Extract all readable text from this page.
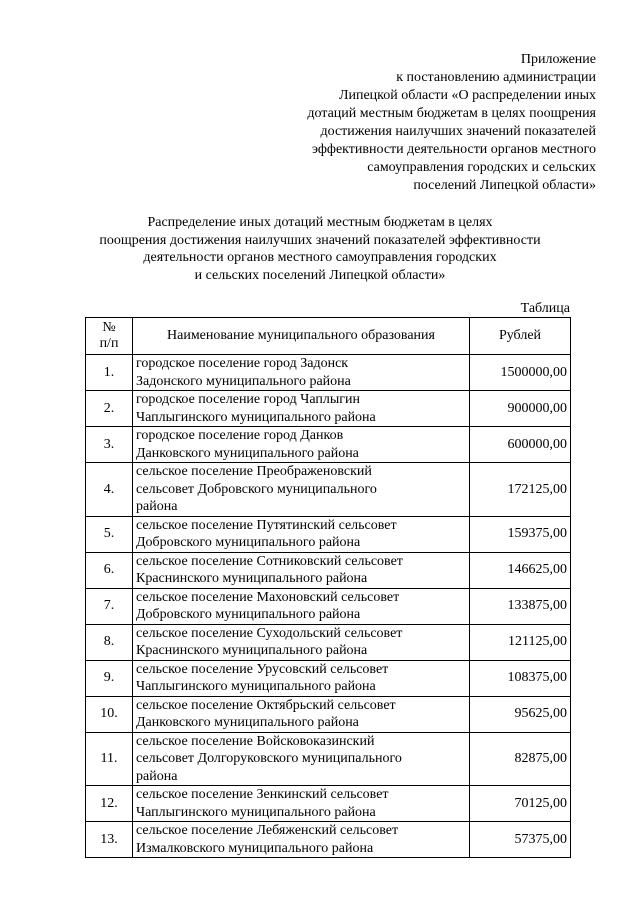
Приложение
к постановлению администрации
Липецкой области «О распределении иных
дотаций местным бюджетам в целях поощрения
достижения наилучших значений показателей
эффективности деятельности органов местного
самоуправления городских и сельских
поселений Липецкой области»
Распределение иных дотаций местным бюджетам в целях
поощрения достижения наилучших значений показателей эффективности
деятельности органов местного самоуправления городских
и сельских поселений Липецкой области»
Таблица
№
п/п	Наименование муниципального образования	Рублей
1.	городское поселение город Задонск
Задонского муниципального района	1500000,00
2.	городское поселение город Чаплыгин
Чаплыгинского муниципального района	900000,00
3.	городское поселение город Данков
Данковского муниципального района	600000,00
4.	сельское поселение Преображеновский
сельсовет Добровского муниципального
района	172125,00
5.	сельское поселение Путятинский сельсовет
Добровского муниципального района	159375,00
6.	сельское поселение Сотниковский сельсовет
Краснинского муниципального района	146625,00
7.	сельское поселение Махоновский сельсовет
Добровского муниципального района	133875,00
8.	сельское поселение Суходольский сельсовет
Краснинского муниципального района	121125,00
9.	сельское поселение Урусовский сельсовет
Чаплыгинского муниципального района	108375,00
10.	сельское поселение Октябрьский сельсовет
Данковского муниципального района	95625,00
11.	сельское поселение Войсковоказинский
сельсовет Долгоруковского муниципального
района	82875,00
12.	сельское поселение Зенкинский сельсовет
Чаплыгинского муниципального района	70125,00
13.	сельское поселение Лебяженский сельсовет
Измалковского муниципального района	57375,00
